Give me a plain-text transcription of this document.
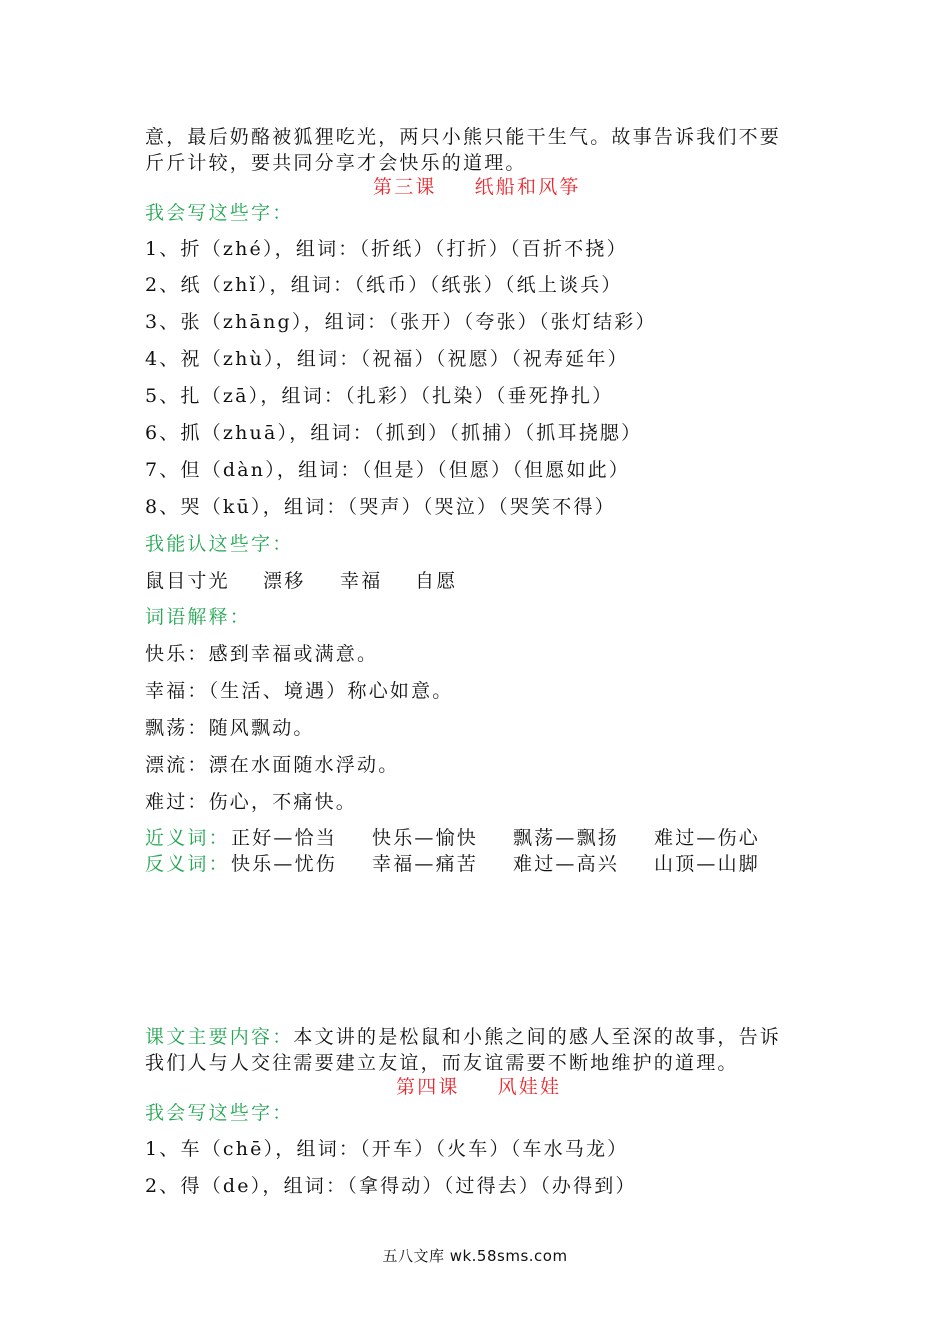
意，最后奶酪被狐狸吃光，两只小熊只能干生气。故事告诉我们不要
斤斤计较，要共同分享才会快乐的道理。
第三课 纸船和风筝
我会写这些字：
1、折（zhé），组词：（折纸）（打折）（百折不挠）
2、纸（zhǐ），组词：（纸币）（纸张）（纸上谈兵）
3、张（zhāng），组词：（张开）（夸张）（张灯结彩）
4、祝（zhù），组词：（祝福）（祝愿）（祝寿延年）
5、扎（zā），组词：（扎彩）（扎染）（垂死挣扎）
6、抓（zhuā），组词：（抓到）（抓捕）（抓耳挠腮）
7、但（dàn），组词：（但是）（但愿）（但愿如此）
8、哭（kū），组词：（哭声）（哭泣）（哭笑不得）
我能认这些字：
鼠目寸光 漂移 幸福 自愿
词语解释：
快乐：感到幸福或满意。
幸福：（生活、境遇）称心如意。
飘荡：随风飘动。
漂流：漂在水面随水浮动。
难过：伤心，不痛快。
近义词：正好—恰当 快乐—愉快 飘荡—飘扬 难过—伤心
反义词：快乐—忧伤 幸福—痛苦 难过—高兴 山顶—山脚
课文主要内容：本文讲的是松鼠和小熊之间的感人至深的故事，告诉
我们人与人交往需要建立友谊，而友谊需要不断地维护的道理。
第四课 风娃娃
我会写这些字：
1、车（chē），组词：（开车）（火车）（车水马龙）
2、得（de），组词：（拿得动）（过得去）（办得到）
五八文库 wk.58sms.com
